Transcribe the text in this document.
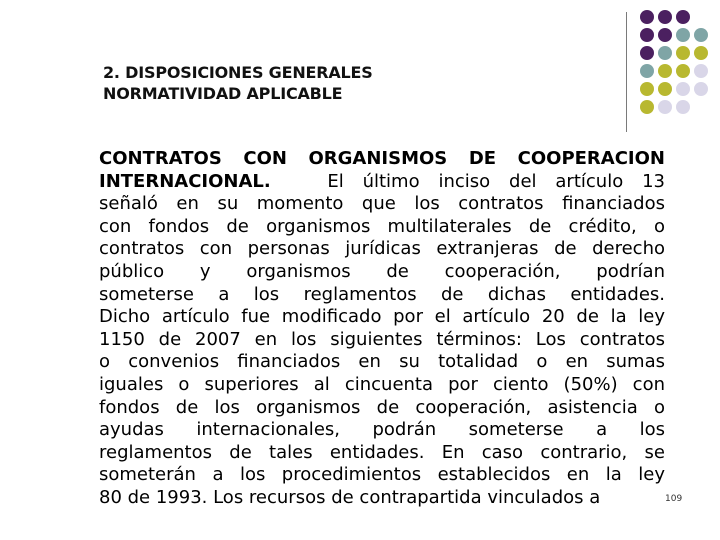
2. DISPOSICIONES GENERALES
NORMATIVIDAD APLICABLE
CONTRATOS CON ORGANISMOS DE COOPERACION
INTERNACIONAL.	El último inciso del artículo 13
señaló en su momento que los contratos financiados
con fondos de organismos multilaterales de crédito, o
contratos con personas jurídicas extranjeras de derecho
público y organismos de cooperación, podrían
someterse a los reglamentos de dichas entidades.
Dicho artículo fue modificado por el artículo 20 de la ley
1150 de 2007 en los siguientes términos: Los contratos
o convenios financiados en su totalidad o en sumas
iguales o superiores al cincuenta por ciento (50%) con
fondos de los organismos de cooperación, asistencia o
ayudas internacionales, podrán someterse a los
reglamentos de tales entidades. En caso contrario, se
someterán a los procedimientos establecidos en la ley
80 de 1993. Los recursos de contrapartida vinculados a	109
